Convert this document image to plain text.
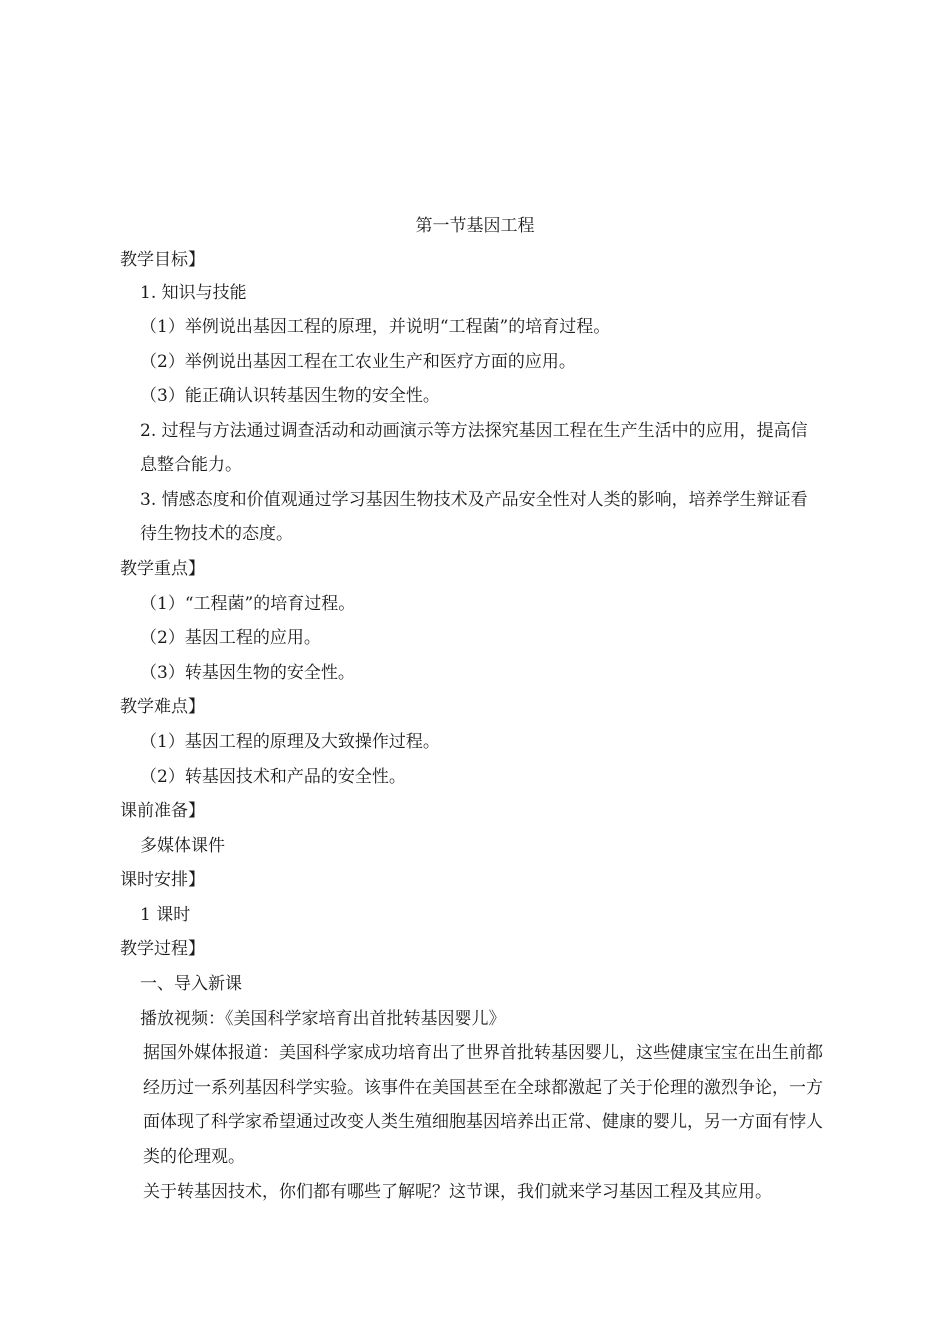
第一节基因工程
教学目标】
1. 知识与技能
（1）举例说出基因工程的原理，并说明“工程菌”的培育过程。
（2）举例说出基因工程在工农业生产和医疗方面的应用。
（3）能正确认识转基因生物的安全性。
2. 过程与方法通过调查活动和动画演示等方法探究基因工程在生产生活中的应用，提高信
息整合能力。
3. 情感态度和价值观通过学习基因生物技术及产品安全性对人类的影响，培养学生辩证看
待生物技术的态度。
教学重点】
（1）“工程菌”的培育过程。
（2）基因工程的应用。
（3）转基因生物的安全性。
教学难点】
（1）基因工程的原理及大致操作过程。
（2）转基因技术和产品的安全性。
课前准备】
多媒体课件
课时安排】
1 课时
教学过程】
一、导入新课
播放视频：《美国科学家培育出首批转基因婴儿》
据国外媒体报道：美国科学家成功培育出了世界首批转基因婴儿，这些健康宝宝在出生前都
经历过一系列基因科学实验。该事件在美国甚至在全球都激起了关于伦理的激烈争论，一方
面体现了科学家希望通过改变人类生殖细胞基因培养出正常、健康的婴儿，另一方面有悖人
类的伦理观。
关于转基因技术，你们都有哪些了解呢？这节课，我们就来学习基因工程及其应用。
